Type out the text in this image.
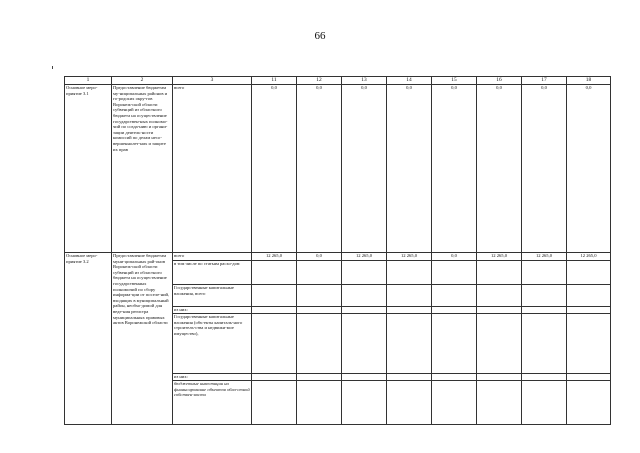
66
1	2	3	11	12	13	14	15	16	17	18
Основное меро-приятие 3.1	Предоставление бюджетам му-ниципальных районов и го-родских окру-гов Воронеж-ской области субвенций из областного бюджета на осуществление государствен-ных полномо-чий по созда-нию и органи-зации деятель-ности комиссий по делам несо-вершеннолет-них и защите их прав	всего	0,0	0,0	0,0	0,0	0,0	0,0	0,0	0,0
Основное меро-приятие 3.2	Предоставление бюджетам муни-ципальных рай-онов Воронеж-ской области субвенций из областного бюджета на осуществление государственных полномочий по сбору информа-ции от поселе-ний, входящих в муниципальный район, необхо-димой для веде-ния регистра муниципальных правовых актов Воронежской области	всего	12 265,0	0,0	12 265,0	12 265,0	0,0	12 265,0	12 265,0	12 265,0
		в том числе по статьям расхо-дов:								
		Государственные капитальные вложения, всего								
		из них:								
		Государственные капитальные вложения (объ-екты капиталь-ного строитель-ства и недвижи-мое имущество),								
		из них:								
		бюджетные инвестиции на финансирование объектов обла-стной собствен-ности								
